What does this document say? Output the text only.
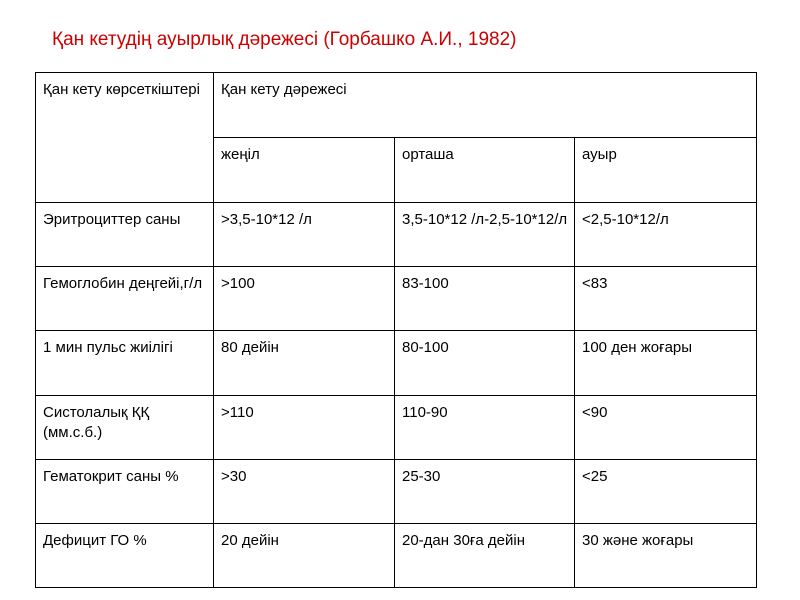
Қан кетудің ауырлық дәрежесі (Горбашко А.И., 1982)
Қан кету көрсеткіштері	Қан кету дәрежесі		
	жеңіл	орташа	ауыр
Эритроциттер саны	>3,5-10*12 /л	3,5-10*12 /л-2,5-10*12/л	<2,5-10*12/л
Гемоглобин деңгейі,г/л	>100	83-100	<83
1 мин пульс жиілігі	80 дейін	80-100	100 ден жоғары
Систолалық ҚҚ (мм.с.б.)	>110	110-90	<90
Гематокрит саны %	>30	25-30	<25
Дефицит ГО %	20 дейін	20-дан 30ға дейін	30 және жоғары
